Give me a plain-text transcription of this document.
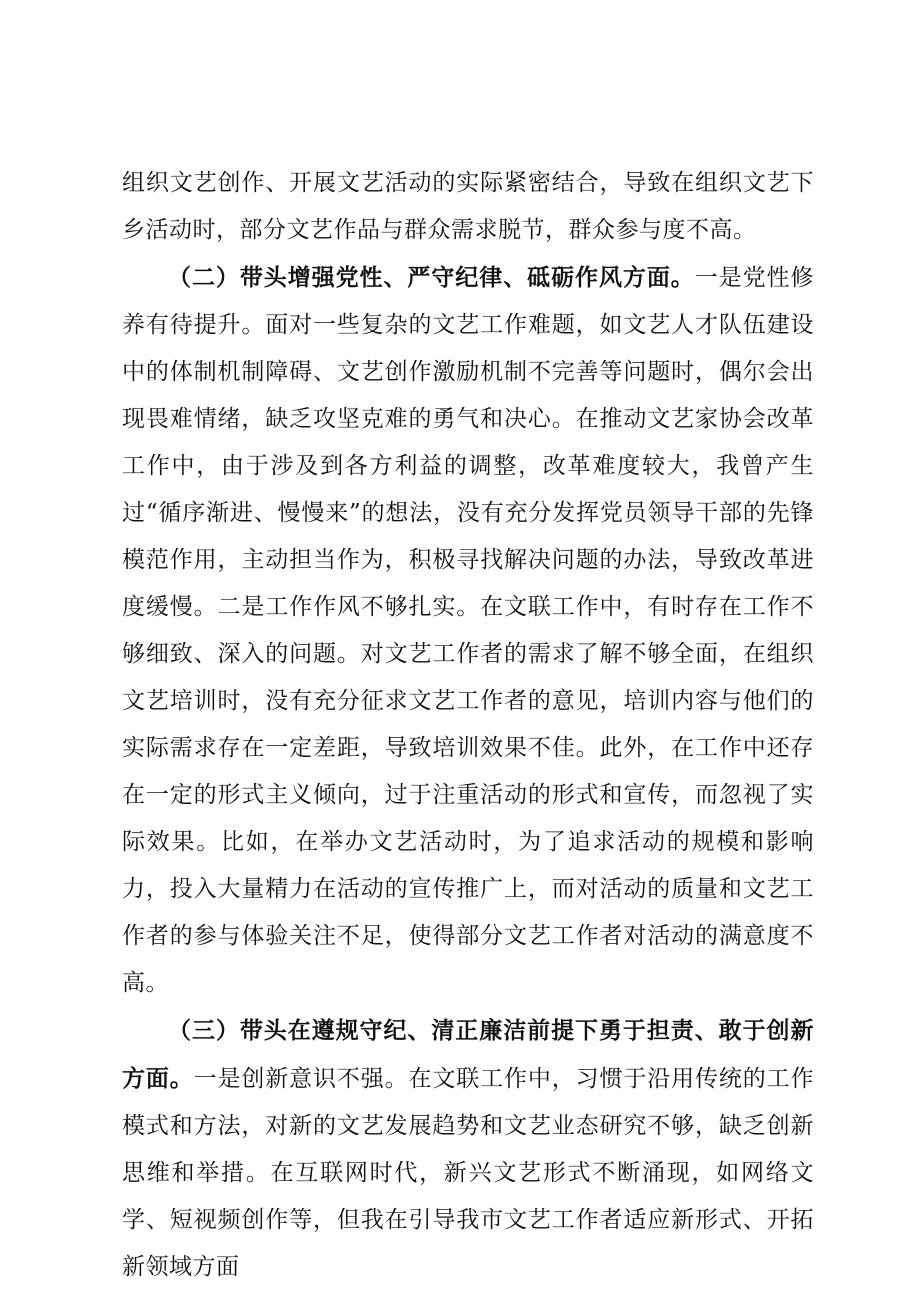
组织文艺创作、开展文艺活动的实际紧密结合，导致在组织文艺下乡活动时，部分文艺作品与群众需求脱节，群众参与度不高。

（二）带头增强党性、严守纪律、砥砺作风方面。一是党性修养有待提升。面对一些复杂的文艺工作难题，如文艺人才队伍建设中的体制机制障碍、文艺创作激励机制不完善等问题时，偶尔会出现畏难情绪，缺乏攻坚克难的勇气和决心。在推动文艺家协会改革工作中，由于涉及到各方利益的调整，改革难度较大，我曾产生过“循序渐进、慢慢来”的想法，没有充分发挥党员领导干部的先锋模范作用，主动担当作为，积极寻找解决问题的办法，导致改革进度缓慢。二是工作作风不够扎实。在文联工作中，有时存在工作不够细致、深入的问题。对文艺工作者的需求了解不够全面，在组织文艺培训时，没有充分征求文艺工作者的意见，培训内容与他们的实际需求存在一定差距，导致培训效果不佳。此外，在工作中还存在一定的形式主义倾向，过于注重活动的形式和宣传，而忽视了实际效果。比如，在举办文艺活动时，为了追求活动的规模和影响力，投入大量精力在活动的宣传推广上，而对活动的质量和文艺工作者的参与体验关注不足，使得部分文艺工作者对活动的满意度不高。

（三）带头在遵规守纪、清正廉洁前提下勇于担责、敢于创新方面。一是创新意识不强。在文联工作中，习惯于沿用传统的工作模式和方法，对新的文艺发展趋势和文艺业态研究不够，缺乏创新思维和举措。在互联网时代，新兴文艺形式不断涌现，如网络文学、短视频创作等，但我在引导我市文艺工作者适应新形式、开拓新领域方面
